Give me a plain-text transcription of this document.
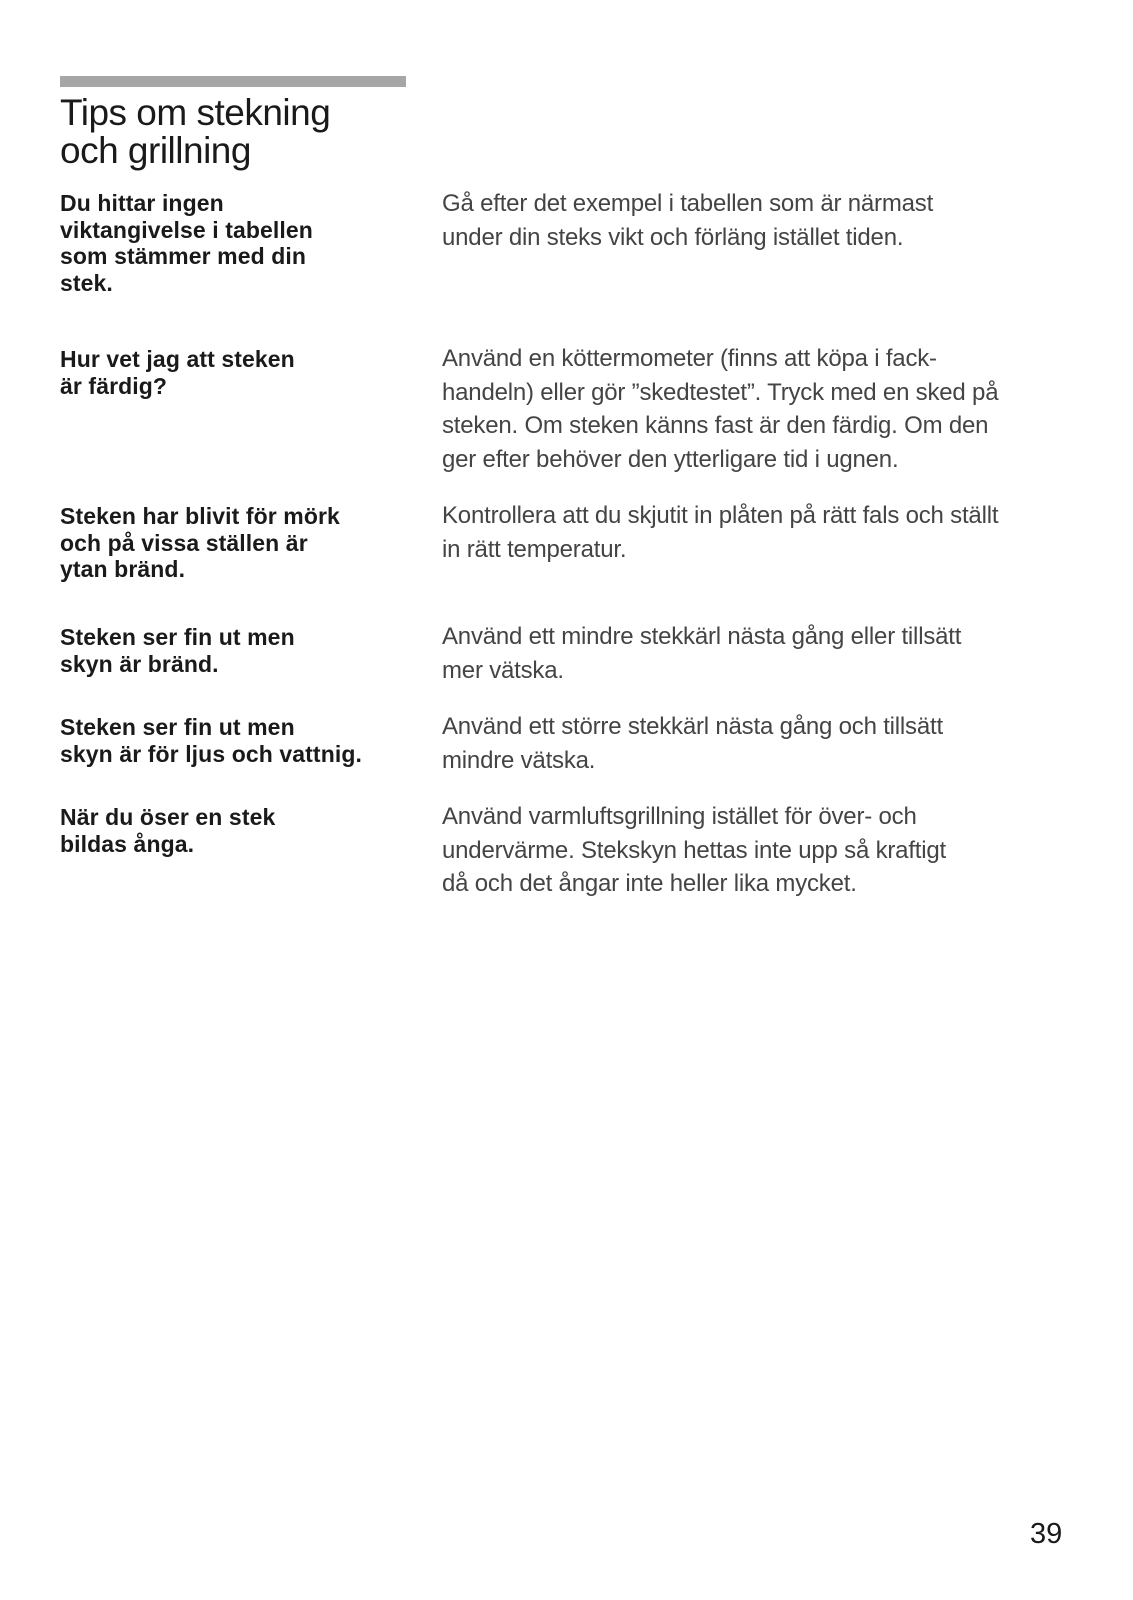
Tips om stekning
och grillning
Du hittar ingen
viktangivelse i tabellen
som stämmer med din
stek.
Gå efter det exempel i tabellen som är närmast
under din steks vikt och förläng istället tiden.
Hur vet jag att steken
är färdig?
Använd en köttermometer (finns att köpa i fack-
handeln) eller gör ”skedtestet”. Tryck med en sked på
steken. Om steken känns fast är den färdig. Om den
ger efter behöver den ytterligare tid i ugnen.
Steken har blivit för mörk
och på vissa ställen är
ytan bränd.
Kontrollera att du skjutit in plåten på rätt fals och ställt
in rätt temperatur.
Steken ser fin ut men
skyn är bränd.
Använd ett mindre stekkärl nästa gång eller tillsätt
mer vätska.
Steken ser fin ut men
skyn är för ljus och vattnig.
Använd ett större stekkärl nästa gång och tillsätt
mindre vätska.
När du öser en stek
bildas ånga.
Använd varmluftsgrillning istället för över- och
undervärme. Stekskyn hettas inte upp så kraftigt
då och det ångar inte heller lika mycket.
39
